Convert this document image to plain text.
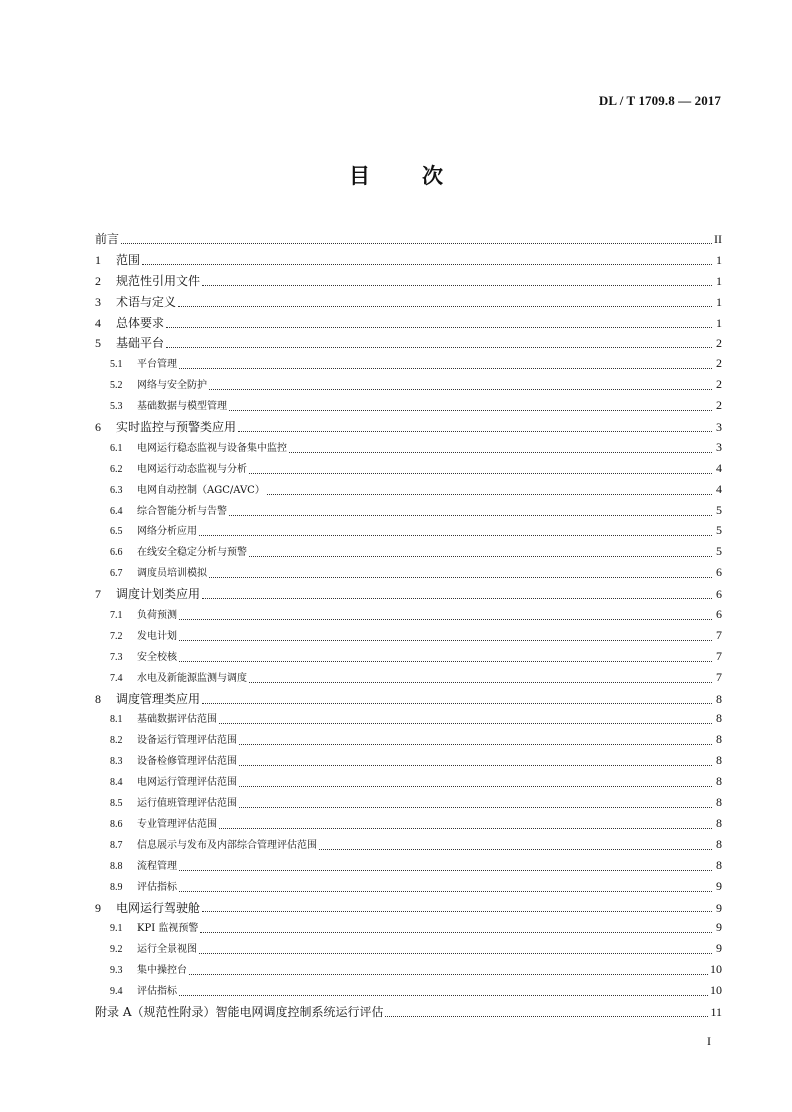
DL / T 1709.8 — 2017
目 次
前言	II
1	范围	1
2	规范性引用文件	1
3	术语与定义	1
4	总体要求	1
5	基础平台	2
5.1	平台管理	2
5.2	网络与安全防护	2
5.3	基础数据与模型管理	2
6	实时监控与预警类应用	3
6.1	电网运行稳态监视与设备集中监控	3
6.2	电网运行动态监视与分析	4
6.3	电网自动控制（AGC/AVC）	4
6.4	综合智能分析与告警	5
6.5	网络分析应用	5
6.6	在线安全稳定分析与预警	5
6.7	调度员培训模拟	6
7	调度计划类应用	6
7.1	负荷预测	6
7.2	发电计划	7
7.3	安全校核	7
7.4	水电及新能源监测与调度	7
8	调度管理类应用	8
8.1	基础数据评估范围	8
8.2	设备运行管理评估范围	8
8.3	设备检修管理评估范围	8
8.4	电网运行管理评估范围	8
8.5	运行值班管理评估范围	8
8.6	专业管理评估范围	8
8.7	信息展示与发布及内部综合管理评估范围	8
8.8	流程管理	8
8.9	评估指标	9
9	电网运行驾驶舱	9
9.1	KPI 监视预警	9
9.2	运行全景视图	9
9.3	集中操控台	10
9.4	评估指标	10
附录 A（规范性附录）智能电网调度控制系统运行评估	11
I
